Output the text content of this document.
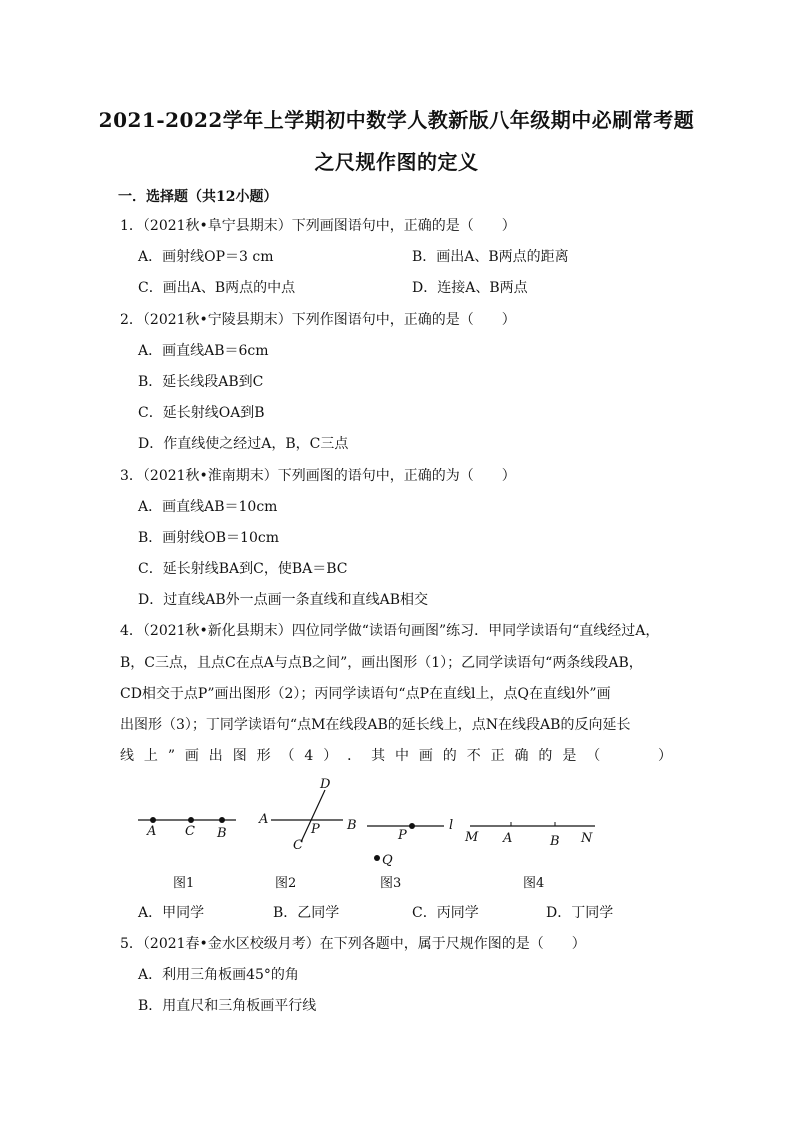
2021-2022学年上学期初中数学人教新版八年级期中必刷常考题
之尺规作图的定义
一．选择题（共12小题）
1．（2021秋•阜宁县期末）下列画图语句中，正确的是（　　）
A．画射线OP＝3 cm	B．画出A、B两点的距离
C．画出A、B两点的中点	D．连接A、B两点
2．（2021秋•宁陵县期末）下列作图语句中，正确的是（　　）
A．画直线AB＝6cm
B．延长线段AB到C
C．延长射线OA到B
D．作直线使之经过A，B，C三点
3．（2021秋•淮南期末）下列画图的语句中，正确的为（　　）
A．画直线AB＝10cm
B．画射线OB＝10cm
C．延长射线BA到C，使BA＝BC
D．过直线AB外一点画一条直线和直线AB相交
4．（2021秋•新化县期末）四位同学做“读语句画图”练习．甲同学读语句“直线经过A，
B，C三点，且点C在点A与点B之间”，画出图形（1）；乙同学读语句“两条线段AB，
CD相交于点P”画出图形（2）；丙同学读语句“点P在直线l上，点Q在直线l外”画
出图形（3）；丁同学读语句“点M在线段AB的延长线上，点N在线段AB的反向延长
线 上 ” 画 出 图 形 （ 4 ） ． 其 中 画 的 不 正 确 的 是 （

　	）
A C B
图1
A	B
C
D
P
图2
P
l
Q
图3
M A	B N
图4
A．甲同学	B．乙同学	C．丙同学	D．丁同学
5．（2021春•金水区校级月考）在下列各题中，属于尺规作图的是（　　）
A．利用三角板画45°的角
B．用直尺和三角板画平行线
